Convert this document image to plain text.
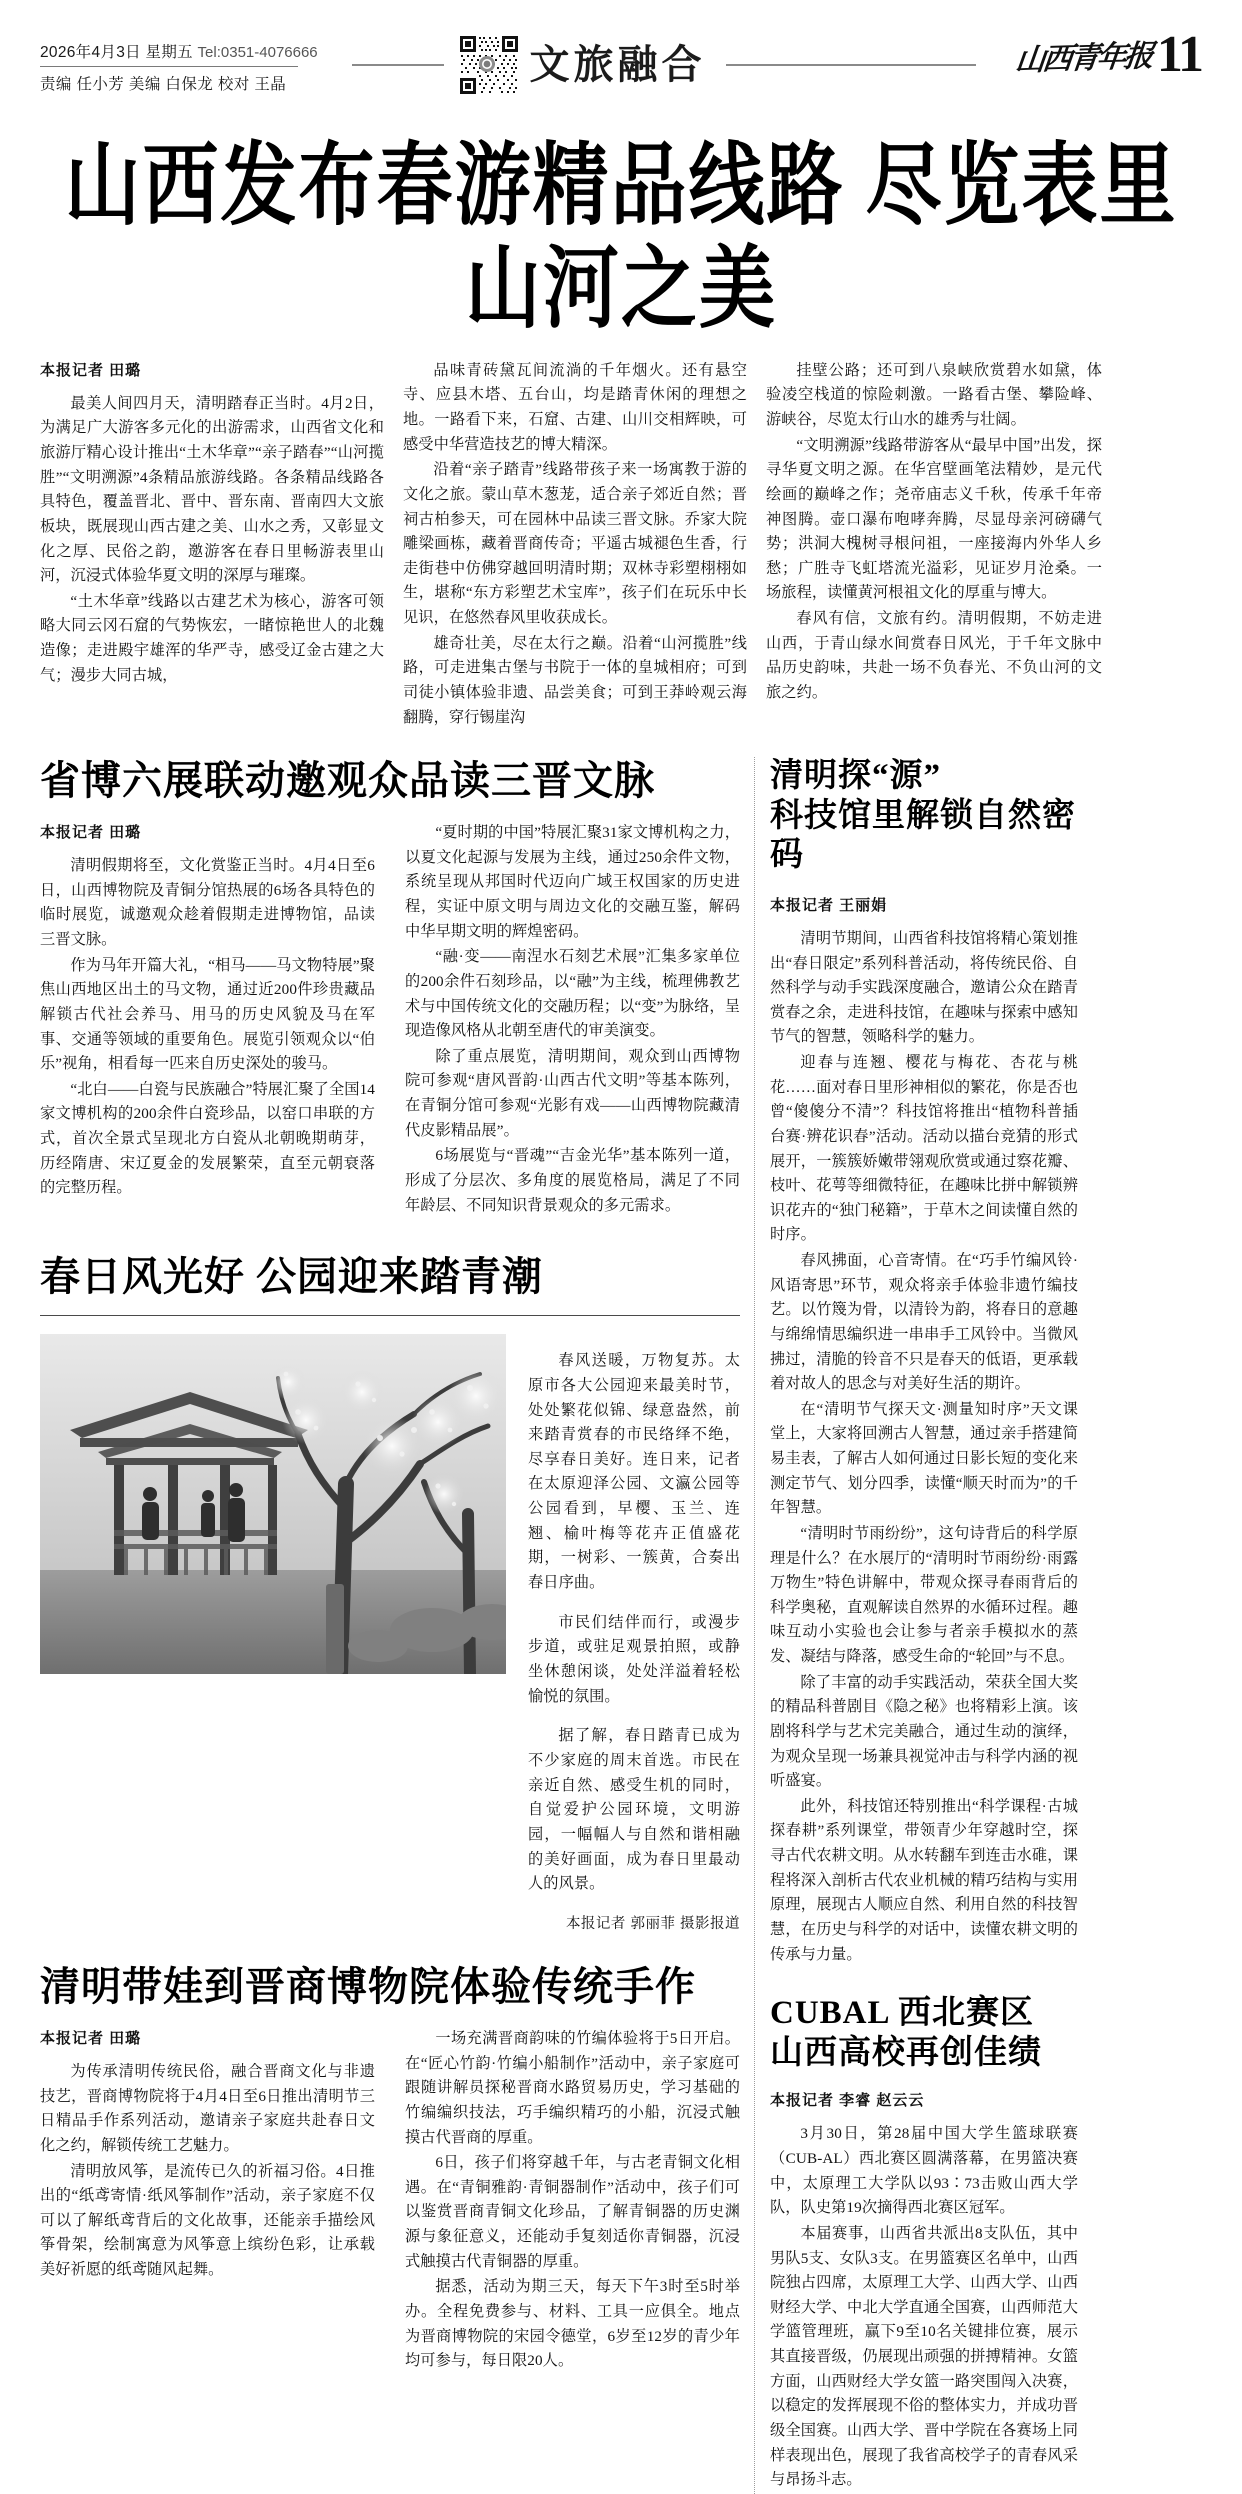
2026年4月3日 星期五 Tel:0351-4076666
责编 任小芳 美编 白保龙 校对 王晶	文旅融合	山西青年报 11
山西发布春游精品线路 尽览表里山河之美
本报记者 田璐

最美人间四月天，清明踏春正当时。4月2日，为满足广大游客多元化的出游需求，山西省文化和旅游厅精心设计推出“土木华章”“亲子踏春”“山河揽胜”“文明溯源”4条精品旅游线路。各条精品线路各具特色，覆盖晋北、晋中、晋东南、晋南四大文旅板块，既展现山西古建之美、山水之秀，又彰显文化之厚、民俗之韵，邀游客在春日里畅游表里山河，沉浸式体验华夏文明的深厚与璀璨。

“土木华章”线路以古建艺术为核心，游客可领略大同云冈石窟的气势恢宏，一睹惊艳世人的北魏造像；走进殿宇雄浑的华严寺，感受辽金古建之大气；漫步大同古城，

品味青砖黛瓦间流淌的千年烟火。还有悬空寺、应县木塔、五台山，均是踏青休闲的理想之地。一路看下来，石窟、古建、山川交相辉映，可感受中华营造技艺的博大精深。

沿着“亲子踏青”线路带孩子来一场寓教于游的文化之旅。蒙山草木葱茏，适合亲子郊近自然；晋祠古柏参天，可在园林中品读三晋文脉。乔家大院雕梁画栋，藏着晋商传奇；平遥古城褪色生香，行走街巷中仿佛穿越回明清时期；双林寺彩塑栩栩如生，堪称“东方彩塑艺术宝库”，孩子们在玩乐中长见识，在悠然春风里收获成长。

雄奇壮美，尽在太行之巅。沿着“山河揽胜”线路，可走进集古堡与书院于一体的皇城相府；可到司徒小镇体验非遗、品尝美食；可到王莽岭观云海翻腾，穿行锡崖沟

挂壁公路；还可到八泉峡欣赏碧水如黛，体验凌空栈道的惊险刺激。一路看古堡、攀险峰、游峡谷，尽览太行山水的雄秀与壮阔。

“文明溯源”线路带游客从“最早中国”出发，探寻华夏文明之源。在华宫壁画笔法精妙，是元代绘画的巅峰之作；尧帝庙志义千秋，传承千年帝神图腾。壶口瀑布咆哮奔腾，尽显母亲河磅礴气势；洪洞大槐树寻根问祖，一座接海内外华人乡愁；广胜寺飞虹塔流光溢彩，见证岁月沧桑。一场旅程，读懂黄河根祖文化的厚重与博大。

春风有信，文旅有约。清明假期，不妨走进山西，于青山绿水间赏春日风光，于千年文脉中品历史韵味，共赴一场不负春光、不负山河的文旅之约。

省博六展联动邀观众品读三晋文脉
本报记者 田璐

清明假期将至，文化赏鉴正当时。4月4日至6日，山西博物院及青铜分馆热展的6场各具特色的临时展览，诚邀观众趁着假期走进博物馆，品读三晋文脉。

作为马年开篇大礼，“相马——马文物特展”聚焦山西地区出土的马文物，通过近200件珍贵藏品解锁古代社会养马、用马的历史风貌及马在军事、交通等领域的重要角色。展览引领观众以“伯乐”视角，相看每一匹来自历史深处的骏马。

“北白——白瓷与民族融合”特展汇聚了全国14家文博机构的200余件白瓷珍品，以窑口串联的方式，首次全景式呈现北方白瓷从北朝晚期萌芽，历经隋唐、宋辽夏金的发展繁荣，直至元朝衰落的完整历程。

“夏时期的中国”特展汇聚31家文博机构之力，以夏文化起源与发展为主线，通过250余件文物，系统呈现从邦国时代迈向广域王权国家的历史进程，实证中原文明与周边文化的交融互鉴，解码中华早期文明的辉煌密码。

“融·变——南涅水石刻艺术展”汇集多家单位的200余件石刻珍品，以“融”为主线，梳理佛教艺术与中国传统文化的交融历程；以“变”为脉络，呈现造像风格从北朝至唐代的审美演变。

除了重点展览，清明期间，观众到山西博物院可参观“唐风晋韵·山西古代文明”等基本陈列，在青铜分馆可参观“光影有戏——山西博物院藏清代皮影精品展”。

6场展览与“晋魂”“吉金光华”基本陈列一道，形成了分层次、多角度的展览格局，满足了不同年龄层、不同知识背景观众的多元需求。

春日风光好 公园迎来踏青潮

春风送暖，万物复苏。太原市各大公园迎来最美时节，处处繁花似锦、绿意盎然，前来踏青赏春的市民络绎不绝，尽享春日美好。连日来，记者在太原迎泽公园、文瀛公园等公园看到，早樱、玉兰、连翘、榆叶梅等花卉正值盛花期，一树彩、一簇黄，合奏出春日序曲。

市民们结伴而行，或漫步步道，或驻足观景拍照，或静坐休憩闲谈，处处洋溢着轻松愉悦的氛围。

据了解，春日踏青已成为不少家庭的周末首选。市民在亲近自然、感受生机的同时，自觉爱护公园环境，文明游园，一幅幅人与自然和谐相融的美好画面，成为春日里最动人的风景。

本报记者 郭丽菲 摄影报道
清明带娃到晋商博物院体验传统手作
本报记者 田璐

为传承清明传统民俗，融合晋商文化与非遗技艺，晋商博物院将于4月4日至6日推出清明节三日精品手作系列活动，邀请亲子家庭共赴春日文化之约，解锁传统工艺魅力。

清明放风筝，是流传已久的祈福习俗。4日推出的“纸鸢寄情·纸风筝制作”活动，亲子家庭不仅可以了解纸鸢背后的文化故事，还能亲手描绘风筝骨架，绘制寓意为风筝意上缤纷色彩，让承载美好祈愿的纸鸢随风起舞。

一场充满晋商韵味的竹编体验将于5日开启。在“匠心竹韵·竹编小船制作”活动中，亲子家庭可跟随讲解员探秘晋商水路贸易历史，学习基础的竹编编织技法，巧手编织精巧的小船，沉浸式触摸古代晋商的厚重。

6日，孩子们将穿越千年，与古老青铜文化相遇。在“青铜雅韵·青铜器制作”活动中，孩子们可以鉴赏晋商青铜文化珍品，了解青铜器的历史渊源与象征意义，还能动手复刻适你青铜器，沉浸式触摸古代青铜器的厚重。

据悉，活动为期三天，每天下午3时至5时举办。全程免费参与、材料、工具一应俱全。地点为晋商博物院的宋园令德堂，6岁至12岁的青少年均可参与，每日限20人。

清明探“源”
科技馆里解锁自然密码
本报记者 王丽娟

清明节期间，山西省科技馆将精心策划推出“春日限定”系列科普活动，将传统民俗、自然科学与动手实践深度融合，邀请公众在踏青赏春之余，走进科技馆，在趣味与探索中感知节气的智慧，领略科学的魅力。

迎春与连翘、樱花与梅花、杏花与桃花……面对春日里形神相似的繁花，你是否也曾“傻傻分不清”？科技馆将推出“植物科普插台赛·辨花识春”活动。活动以描台竞猜的形式展开，一簇簇娇嫩带翎观欣赏或通过察花瓣、枝叶、花萼等细微特征，在趣味比拼中解锁辨识花卉的“独门秘籍”，于草木之间读懂自然的时序。

春风拂面，心音寄情。在“巧手竹编风铃·风语寄思”环节，观众将亲手体验非遗竹编技艺。以竹篾为骨，以清铃为韵，将春日的意趣与绵绵情思编织进一串串手工风铃中。当微风拂过，清脆的铃音不只是春天的低语，更承载着对故人的思念与对美好生活的期许。

在“清明节气探天文·测量知时序”天文课堂上，大家将回溯古人智慧，通过亲手搭建简易圭表，了解古人如何通过日影长短的变化来测定节气、划分四季，读懂“顺天时而为”的千年智慧。

“清明时节雨纷纷”，这句诗背后的科学原理是什么？在水展厅的“清明时节雨纷纷·雨露万物生”特色讲解中，带观众探寻春雨背后的科学奥秘，直观解读自然界的水循环过程。趣味互动小实验也会让参与者亲手模拟水的蒸发、凝结与降落，感受生命的“轮回”与不息。

除了丰富的动手实践活动，荣获全国大奖的精品科普剧目《隐之秘》也将精彩上演。该剧将科学与艺术完美融合，通过生动的演绎，为观众呈现一场兼具视觉冲击与科学内涵的视听盛宴。

此外，科技馆还特别推出“科学课程·古城探春耕”系列课堂，带领青少年穿越时空，探寻古代农耕文明。从水转翻车到连击水碓，课程将深入剖析古代农业机械的精巧结构与实用原理，展现古人顺应自然、利用自然的科技智慧，在历史与科学的对话中，读懂农耕文明的传承与力量。

CUBAL 西北赛区
山西高校再创佳绩
本报记者 李睿 赵云云

3月30日，第28届中国大学生篮球联赛（CUB-AL）西北赛区圆满落幕，在男篮决赛中，太原理工大学队以93∶73击败山西大学队，队史第19次摘得西北赛区冠军。

本届赛事，山西省共派出8支队伍，其中男队5支、女队3支。在男篮赛区名单中，山西院独占四席，太原理工大学、山西大学、山西财经大学、中北大学直通全国赛，山西师范大学篮管理班，赢下9至10名关键排位赛，展示其直接晋级，仍展现出顽强的拼搏精神。女篮方面，山西财经大学女篮一路突围闯入决赛，以稳定的发挥展现不俗的整体实力，并成功晋级全国赛。山西大学、晋中学院在各赛场上同样表现出色，展现了我省高校学子的青春风采与昂扬斗志。
